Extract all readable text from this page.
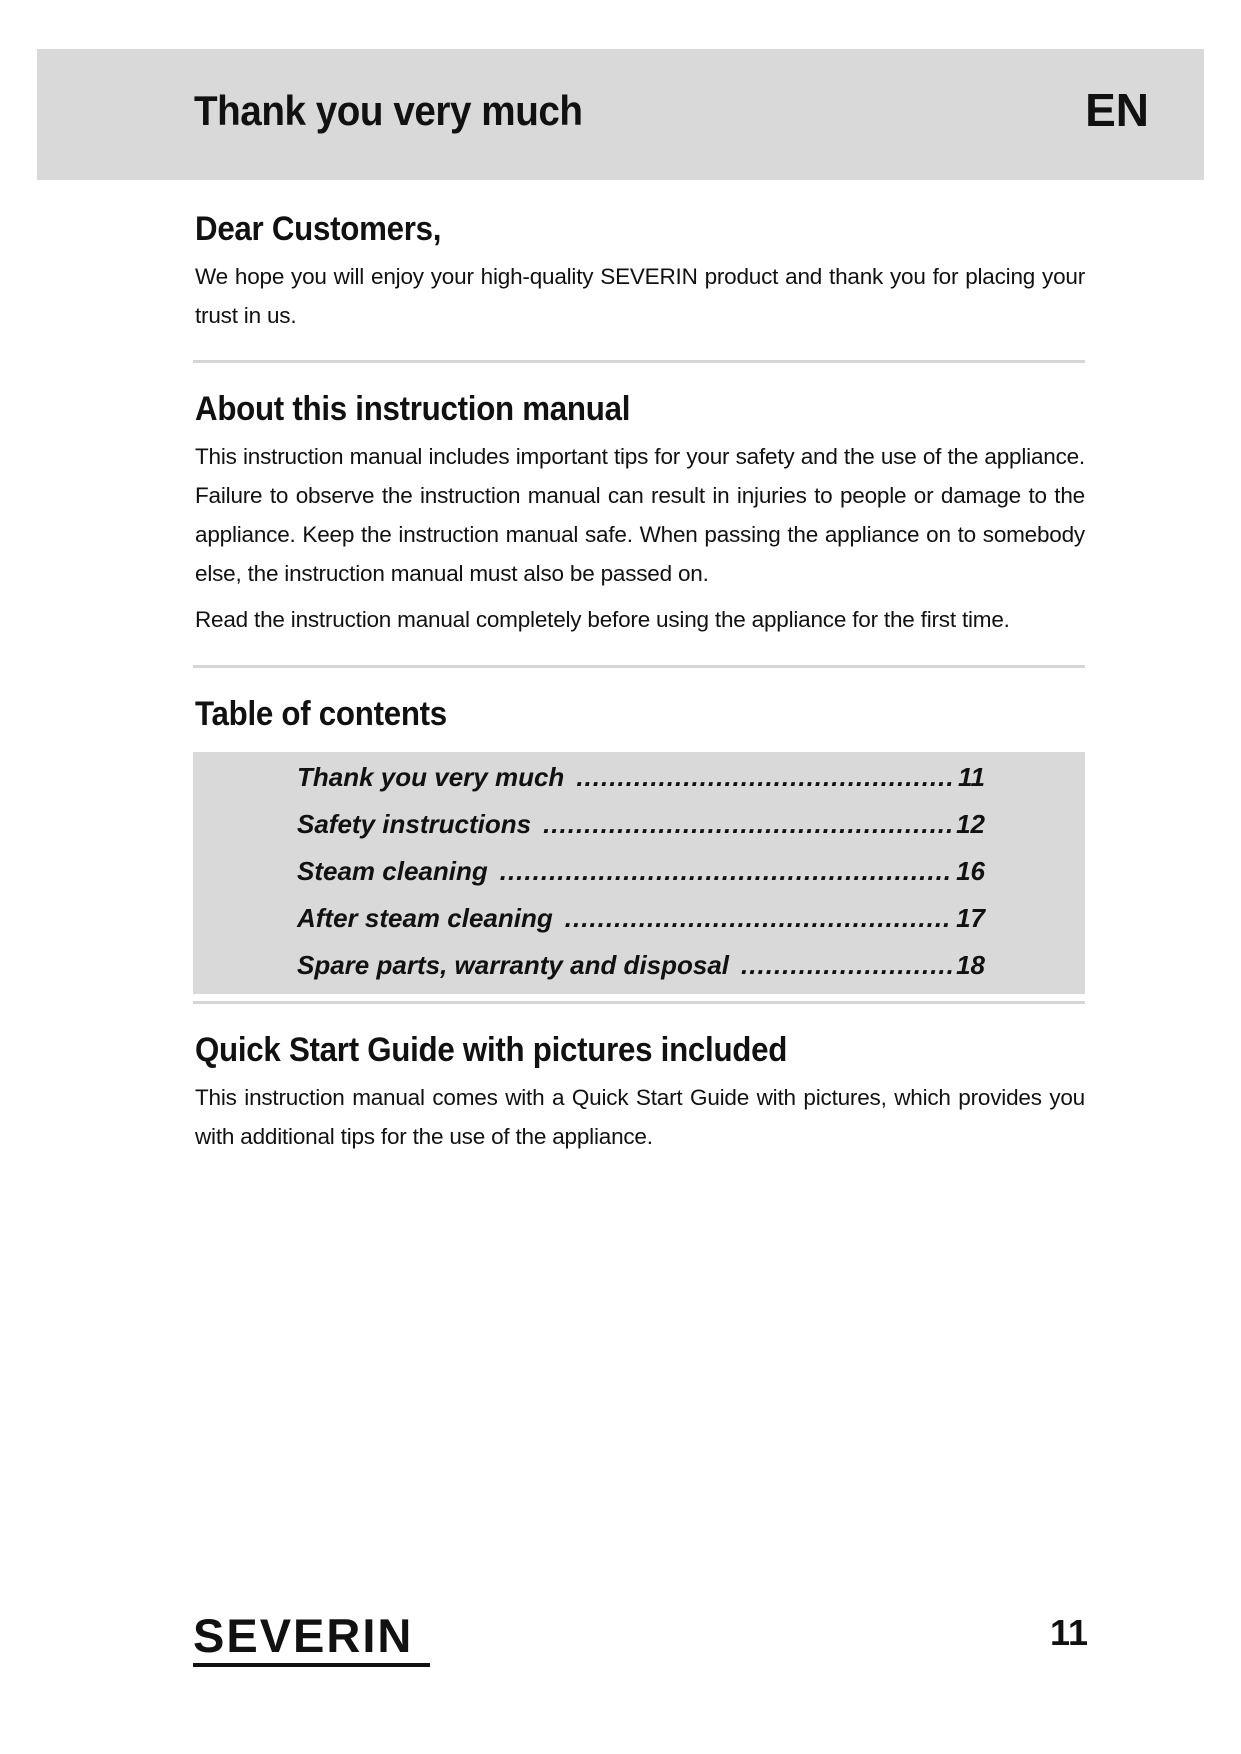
Thank you very much	EN
Dear Customers,

We hope you will enjoy your high-quality SEVERIN product and thank you for placing your trust in us.

About this instruction manual

This instruction manual includes important tips for your safety and the use of the appliance. Failure to observe the instruction manual can result in injuries to people or damage to the appliance. Keep the instruction manual safe. When passing the appliance on to somebody else, the instruction manual must also be passed on.

Read the instruction manual completely before using the appliance for the first time.

Table of contents
Thank you very much .....	11
Safety instructions .....	12
Steam cleaning .....	16
After steam cleaning .....	17
Spare parts, warranty and disposal .....	18
Quick Start Guide with pictures included

This instruction manual comes with a Quick Start Guide with pictures, which provides you with additional tips for the use of the appliance.

SEVERIN	11
